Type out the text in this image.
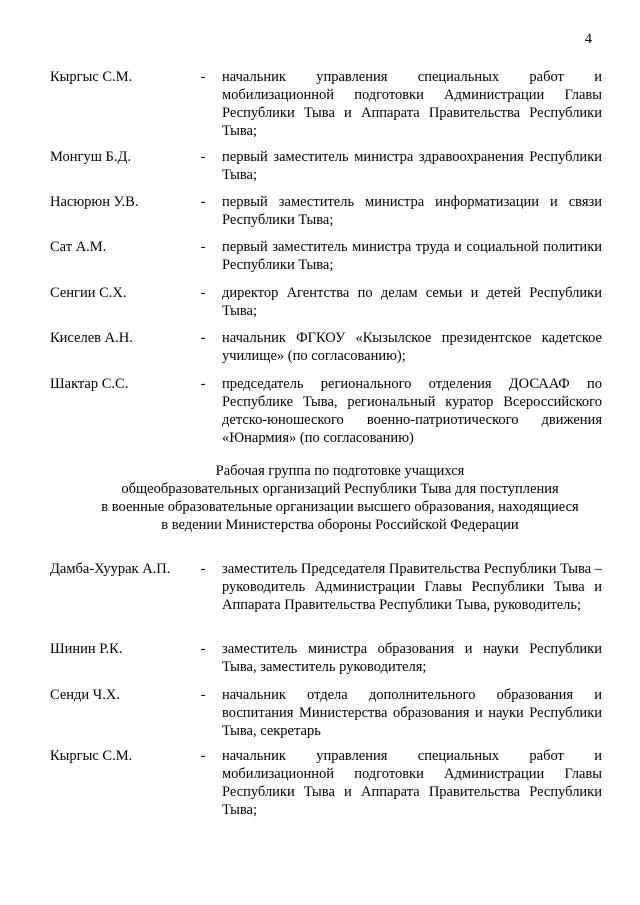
4
Кыргыс С.М.	- начальник управления специальных работ и мобилизационной подготовки Администрации Главы Республики Тыва и Аппарата Правительства Республики Тыва;
Монгуш Б.Д.	- первый заместитель министра здравоохранения Республики Тыва;
Насюрюн У.В.	- первый заместитель министра информатизации и связи Республики Тыва;
Сат А.М.	- первый заместитель министра труда и социальной политики Республики Тыва;
Сенгии С.Х.	- директор Агентства по делам семьи и детей Республики Тыва;
Киселев А.Н.	- начальник ФГКОУ «Кызылское президентское кадетское училище» (по согласованию);
Шактар С.С.	- председатель регионального отделения ДОСААФ по Республике Тыва, региональный куратор Всероссийского детско-юношеского военно-патриотического движения «Юнармия» (по согласованию)
Рабочая группа по подготовке учащихся
общеобразовательных организаций Республики Тыва для поступления
в военные образовательные организации высшего образования, находящиеся
в ведении Министерства обороны Российской Федерации
Дамба-Хуурак А.П.	- заместитель Председателя Правительства Республики Тыва – руководитель Администрации Главы Республики Тыва и Аппарата Правительства Республики Тыва, руководитель;
Шинин Р.К.	- заместитель министра образования и науки Республики Тыва, заместитель руководителя;
Сенди Ч.Х.	- начальник отдела дополнительного образования и воспитания Министерства образования и науки Республики Тыва, секретарь
Кыргыс С.М.	- начальник управления специальных работ и мобилизационной подготовки Администрации Главы Республики Тыва и Аппарата Правительства Республики Тыва;
